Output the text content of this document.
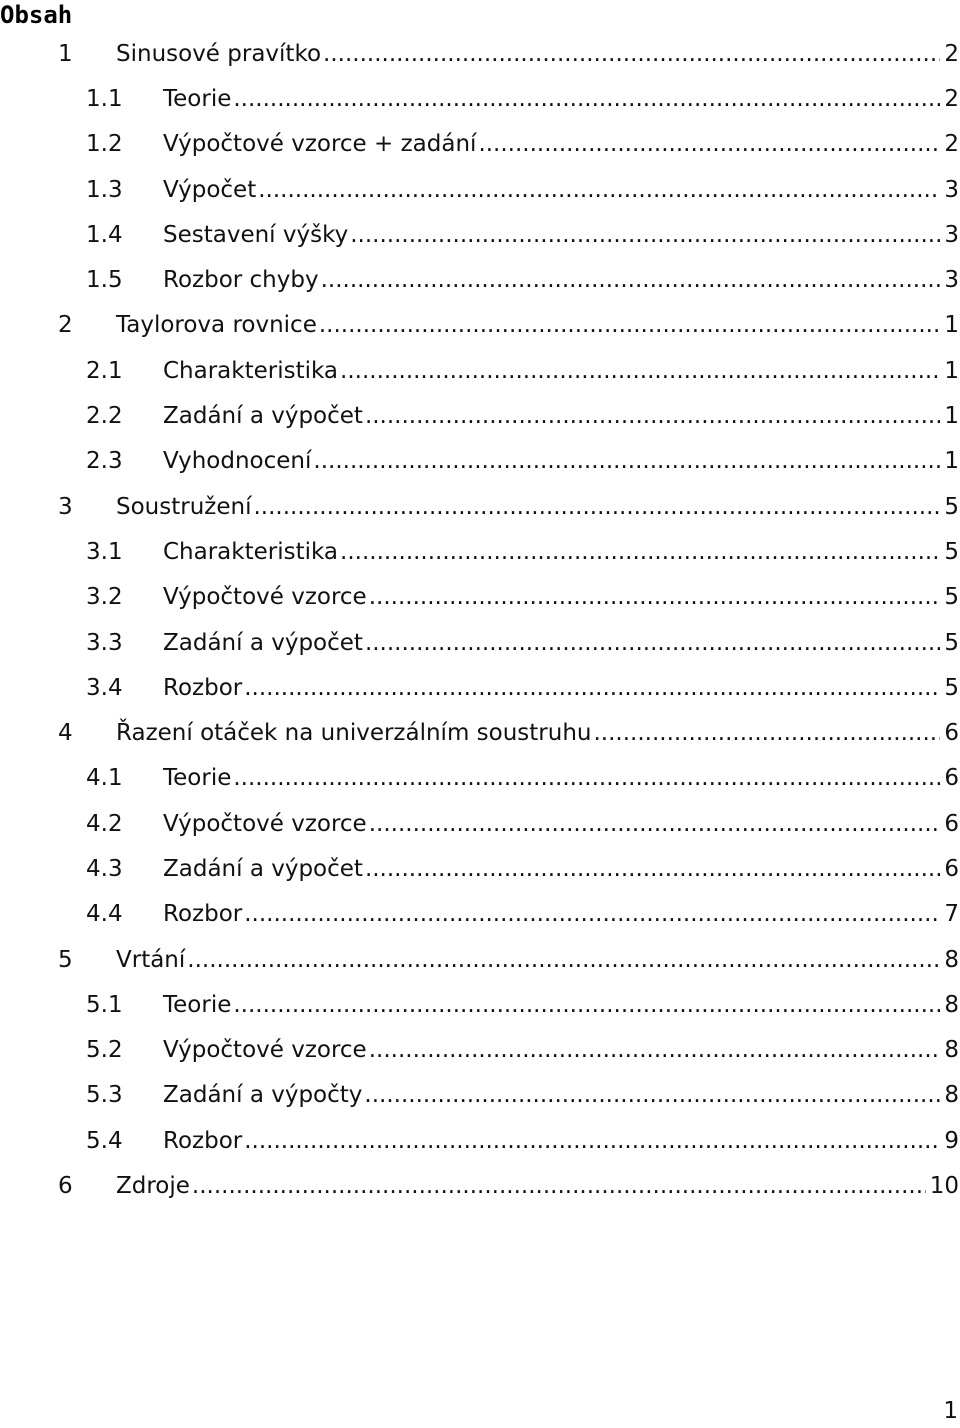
Obsah
1 Sinusové pravítko .....	2
1.1 Teorie .....	2
1.2 Výpočtové vzorce + zadání .....	2
1.3 Výpočet .....	3
1.4 Sestavení výšky .....	3
1.5 Rozbor chyby .....	3
2 Taylorova rovnice .....	1
2.1 Charakteristika .....	1
2.2 Zadání a výpočet .....	1
2.3 Vyhodnocení .....	1
3 Soustružení .....	5
3.1 Charakteristika .....	5
3.2 Výpočtové vzorce .....	5
3.3 Zadání a výpočet .....	5
3.4 Rozbor .....	5
4 Řazení otáček na univerzálním soustruhu .....	6
4.1 Teorie .....	6
4.2 Výpočtové vzorce .....	6
4.3 Zadání a výpočet .....	6
4.4 Rozbor .....	7
5 Vrtání .....	8
5.1 Teorie .....	8
5.2 Výpočtové vzorce .....	8
5.3 Zadání a výpočty .....	8
5.4 Rozbor .....	9
6 Zdroje .....	10
1
